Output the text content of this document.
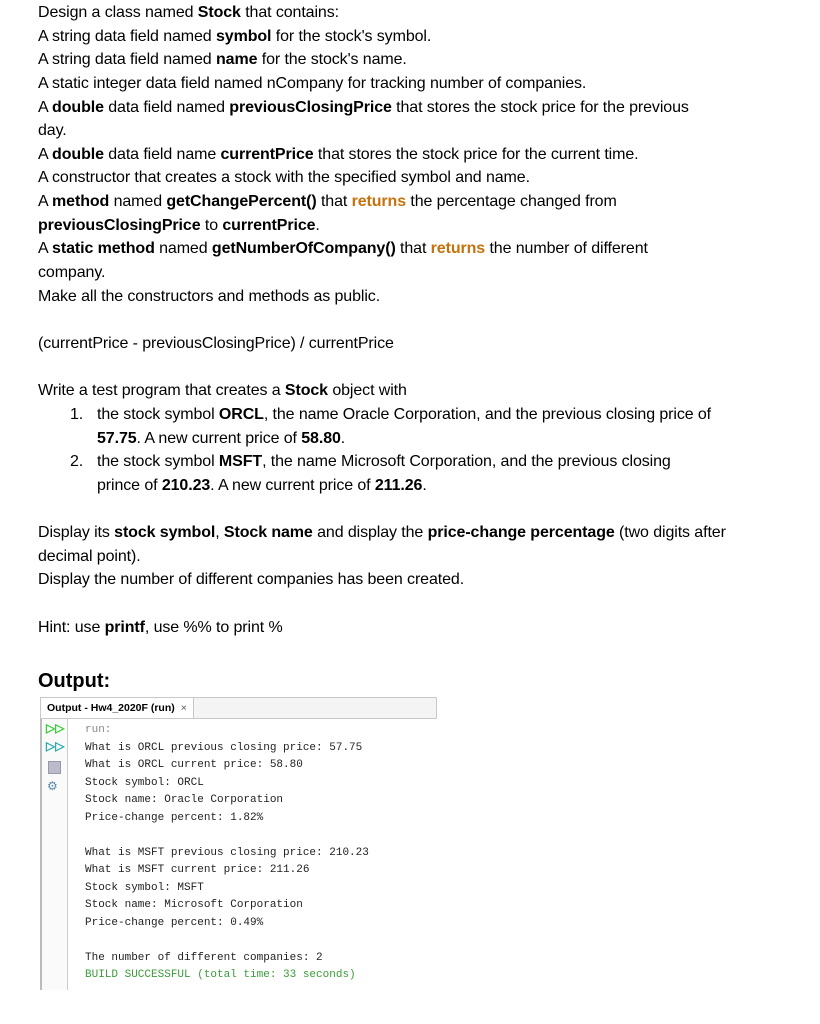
Design a class named Stock that contains:
A string data field named symbol for the stock's symbol.
A string data field named name for the stock's name.
A static integer data field named nCompany for tracking number of companies.
A double data field named previousClosingPrice that stores the stock price for the previous
day.
A double data field name currentPrice that stores the stock price for the current time.
A constructor that creates a stock with the specified symbol and name.
A method named getChangePercent() that returns the percentage changed from
previousClosingPrice to currentPrice.
A static method named getNumberOfCompany() that returns the number of different
company.
Make all the constructors and methods as public.
(currentPrice - previousClosingPrice) / currentPrice
Write a test program that creates a Stock object with
1. the stock symbol ORCL, the name Oracle Corporation, and the previous closing price of
57.75. A new current price of 58.80.
2. the stock symbol MSFT, the name Microsoft Corporation, and the previous closing
prince of 210.23. A new current price of 211.26.
Display its stock symbol, Stock name and display the price-change percentage (two digits after
decimal point).
Display the number of different companies has been created.
Hint: use printf, use %% to print %
Output:
Output - Hw4_2020F (run) ×
▷▷
▷▷
⚙
run:
What is ORCL previous closing price: 57.75
What is ORCL current price: 58.80
Stock symbol: ORCL
Stock name: Oracle Corporation
Price-change percent: 1.82%
What is MSFT previous closing price: 210.23
What is MSFT current price: 211.26
Stock symbol: MSFT
Stock name: Microsoft Corporation
Price-change percent: 0.49%
The number of different companies: 2
BUILD SUCCESSFUL (total time: 33 seconds)
